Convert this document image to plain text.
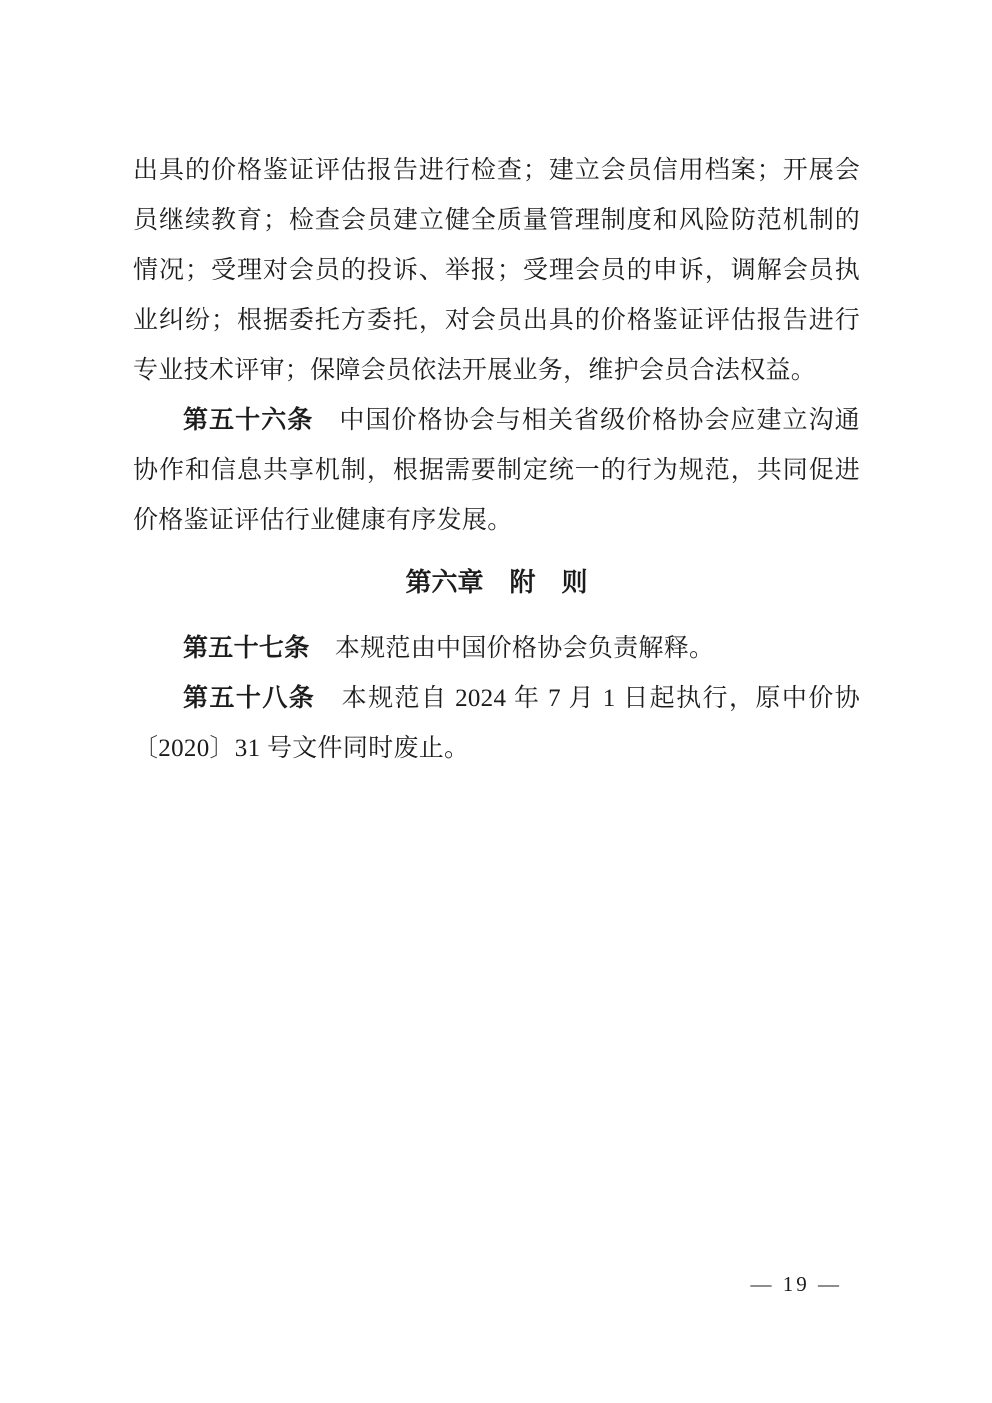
出具的价格鉴证评估报告进行检查；建立会员信用档案；开展会员继续教育；检查会员建立健全质量管理制度和风险防范机制的情况；受理对会员的投诉、举报；受理会员的申诉，调解会员执业纠纷；根据委托方委托，对会员出具的价格鉴证评估报告进行专业技术评审；保障会员依法开展业务，维护会员合法权益。

第五十六条　中国价格协会与相关省级价格协会应建立沟通协作和信息共享机制，根据需要制定统一的行为规范，共同促进价格鉴证评估行业健康有序发展。

第六章　附　则

第五十七条　本规范由中国价格协会负责解释。

第五十八条　本规范自 2024 年 7 月 1 日起执行，原中价协〔2020〕31 号文件同时废止。

— 19 —
